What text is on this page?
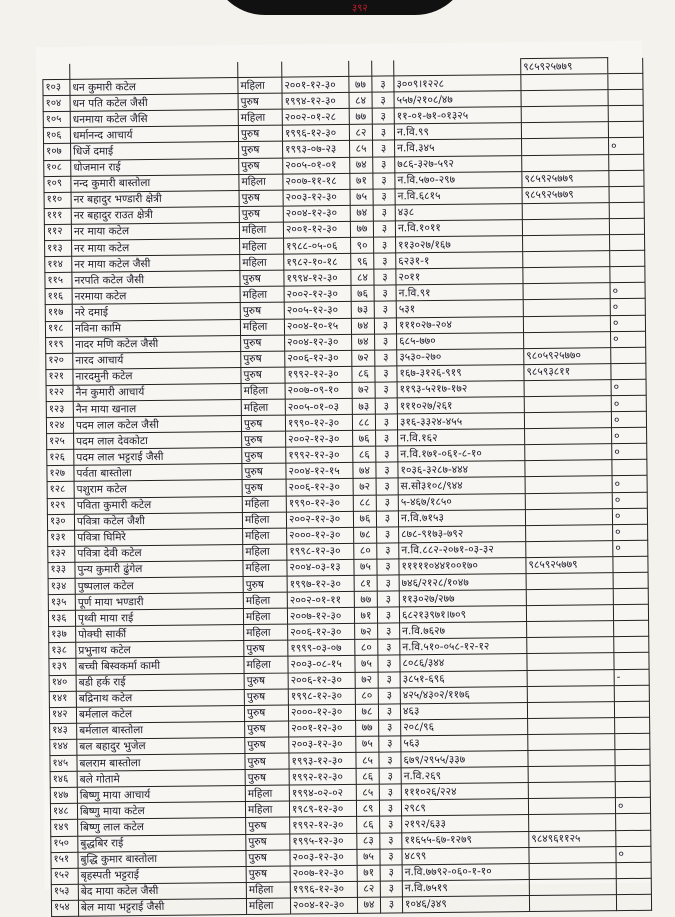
३९२
							९८५९२५७७९	
१०३	धन कुमारी कटेल	महिला	२००१-१२-३०	७७	३	३००९।१२२८		
१०४	धन पति कटेल जैसी	पुरुष	१९९४-१२-३०	८४	३	५५७/२१०८/४७		
१०५	धनमाया कटेल जैसि	महिला	२००२-०१-२८	७७	३	११-०१-७१-०१३२५		
१०६	धर्मानन्द आचार्य	पुरुष	१९९६-१२-३०	८२	३	न.वि.९९		
१०७	धिर्जे दमाई	पुरुष	१९९३-०७-२३	८५	३	न.वि.३४५		०
१०८	धोजमान राई	पुरुष	२००५-०१-०१	७४	३	७८६-३२७-५९२		
१०९	नन्द कुमारी बास्तोला	महिला	२००७-११-१८	७१	३	न.वि.५७०-२९७	९८५९२५७७९	
११०	नर बहादुर भण्डारी क्षेत्री	पुरुष	२००३-१२-३०	७५	३	न.वि.६८१५	९८५९२५७७९	
१११	नर बहादुर राउत क्षेत्री	पुरुष	२००४-१२-३०	७४	३	४३८		
११२	नर माया कटेल	महिला	२००१-१२-३०	७७	३	न.वि.१०११		
११३	नर माया कटेल	महिला	१९८८-०५-०६	९०	३	११३०२७/१६७		
११४	नर माया कटेल जैसी	महिला	१९८२-१०-१८	९६	३	६२३१-१		
११५	नरपति कटेल जैसी	पुरुष	१९९४-१२-३०	८४	३	२०११		
११६	नरमाया कटेल	महिला	२००२-१२-३०	७६	३	न.वि.९१		०
११७	नरे दमाई	पुरुष	२००५-१२-३०	७३	३	५३१		०
११८	नविना कामि	महिला	२००४-१०-१५	७४	३	१११०२७-२०४		०
११९	नादर मणि कटेल जैसी	पुरुष	२००४-१२-३०	७४	३	६८५-७७०		०
१२०	नारद आचार्य	पुरुष	२००६-१२-३०	७२	३	३५३०-२७०	९८०५९२५७७०	
१२१	नारदमुनी कटेल	पुरुष	१९९२-१२-३०	८६	३	१६७-३१२६-९१९	९८५९३८११	
१२२	नैन कुमारी आचार्य	महिला	२००७-०९-१०	७२	३	११९३-५२१७-१७२		०
१२३	नैन माया खनाल	महिला	२००५-०१-०३	७३	३	१११०२७/२६१		०
१२४	पदम लाल कटेल जैसी	पुरुष	१९९०-१२-३०	८८	३	३१६-३३२४-४५५		०
१२५	पदम लाल देवकोटा	पुरुष	२००२-१२-३०	७६	३	न.वि.१६२		०
१२६	पदम लाल भट्टराई जैसी	पुरुष	१९९२-१२-३०	८६	३	न.वि.१७१-०६१-८-१०		०
१२७	पर्वता बास्तोला	पुरुष	२००४-१२-१५	७४	३	१०३६-३२८७-४४४		
१२८	पशुराम कटेल	पुरुष	२००६-१२-३०	७२	३	स.सो३१०८/९४४		०
१२९	पविता कुमारी कटेल	महिला	१९९०-१२-३०	८८	३	५-४६७/१८५०		०
१३०	पवित्रा कटेल जैशी	महिला	२००२-१२-३०	७६	३	न.वि.७१५३		०
१३१	पवित्रा घिमिरे	महिला	२०००-१२-३०	७८	३	८७८-९१७३-७९२		०
१३२	पवित्रा देवी कटेल	महिला	१९९८-१२-३०	८०	३	न.वि.८८२-२०७१-०३-३२		०
१३३	पुन्य कुमारी ढुंगेल	महिला	२००४-०३-१३	७५	३	१११११०४४१००१७०	९८५९२५७७९	
१३४	पुष्पलाल कटेल	पुरुष	१९९७-१२-३०	८१	३	७४६/२१२८/१०४७		
१३५	पूर्ण माया भण्डारी	महिला	२००२-०१-११	७७	३	११३०२७/२७७		
१३६	पृथ्वी माया राई	महिला	२००७-१२-३०	७१	३	६८२१३९७१।७०९		
१३७	पोक्घी सार्की	महिला	२००६-१२-३०	७२	३	न.वि.७६२७		
१३८	प्रभुनाथ कटेल	पुरुष	१९९९-०३-०७	८०	३	न.वि.५१०-०५८-१२-१२		
१३९	बच्ची बिस्वकर्मा कामी	महिला	२००३-०८-१५	७५	३	८०८६/३४४		
१४०	बडी हर्क राई	पुरुष	२००६-१२-३०	७२	३	३८५१-६९६		-
१४१	बद्रिनाथ कटेल	पुरुष	१९९८-१२-३०	८०	३	४२५/४३०२/११७६		
१४२	बर्मलाल कटेल	पुरुष	२०००-१२-३०	७८	३	४६३		
१४३	बर्मलाल बास्तोला	पुरुष	२००१-१२-३०	७७	३	२०८/९६		
१४४	बल बहादुर भुजेल	पुरुष	२००३-१२-३०	७५	३	५६३		
१४५	बलराम बास्तोला	पुरुष	१९९३-१२-३०	८५	३	६७९/२९५५/३३७		
१४६	बले गोतामे	पुरुष	१९९२-१२-३०	८६	३	न.वि.२६९		
१४७	बिष्णु माया आचार्य	महिला	१९९४-०२-०२	८५	३	१११०२६/२२४		
१४८	बिष्णु माया कटेल	महिला	१९८९-१२-३०	८९	३	२९८९		०
१४९	बिष्णु लाल कटेल	पुरुष	१९९२-१२-३०	८६	३	२१९२/६३३		
१५०	बुद्धबिर राई	पुरुष	१९९५-१२-३०	८३	३	११६५५-६७-१२७९	९८४९६११२५	
१५१	बुद्धि कुमार बास्तोला	पुरुष	२००३-१२-३०	७५	३	४८९९		०
१५२	बृहस्पती भट्टराई	पुरुष	२००७-१२-३०	७१	३	न.वि.७७९२-०६०-१-१०		
१५३	बेद माया कटेल जैसी	महिला	१९९६-१२-३०	८२	३	न.वि.७५१९		
१५४	बेल माया भट्टराई जैसी	महिला	२००४-१२-३०	७४	३	१०४६/३४९		
